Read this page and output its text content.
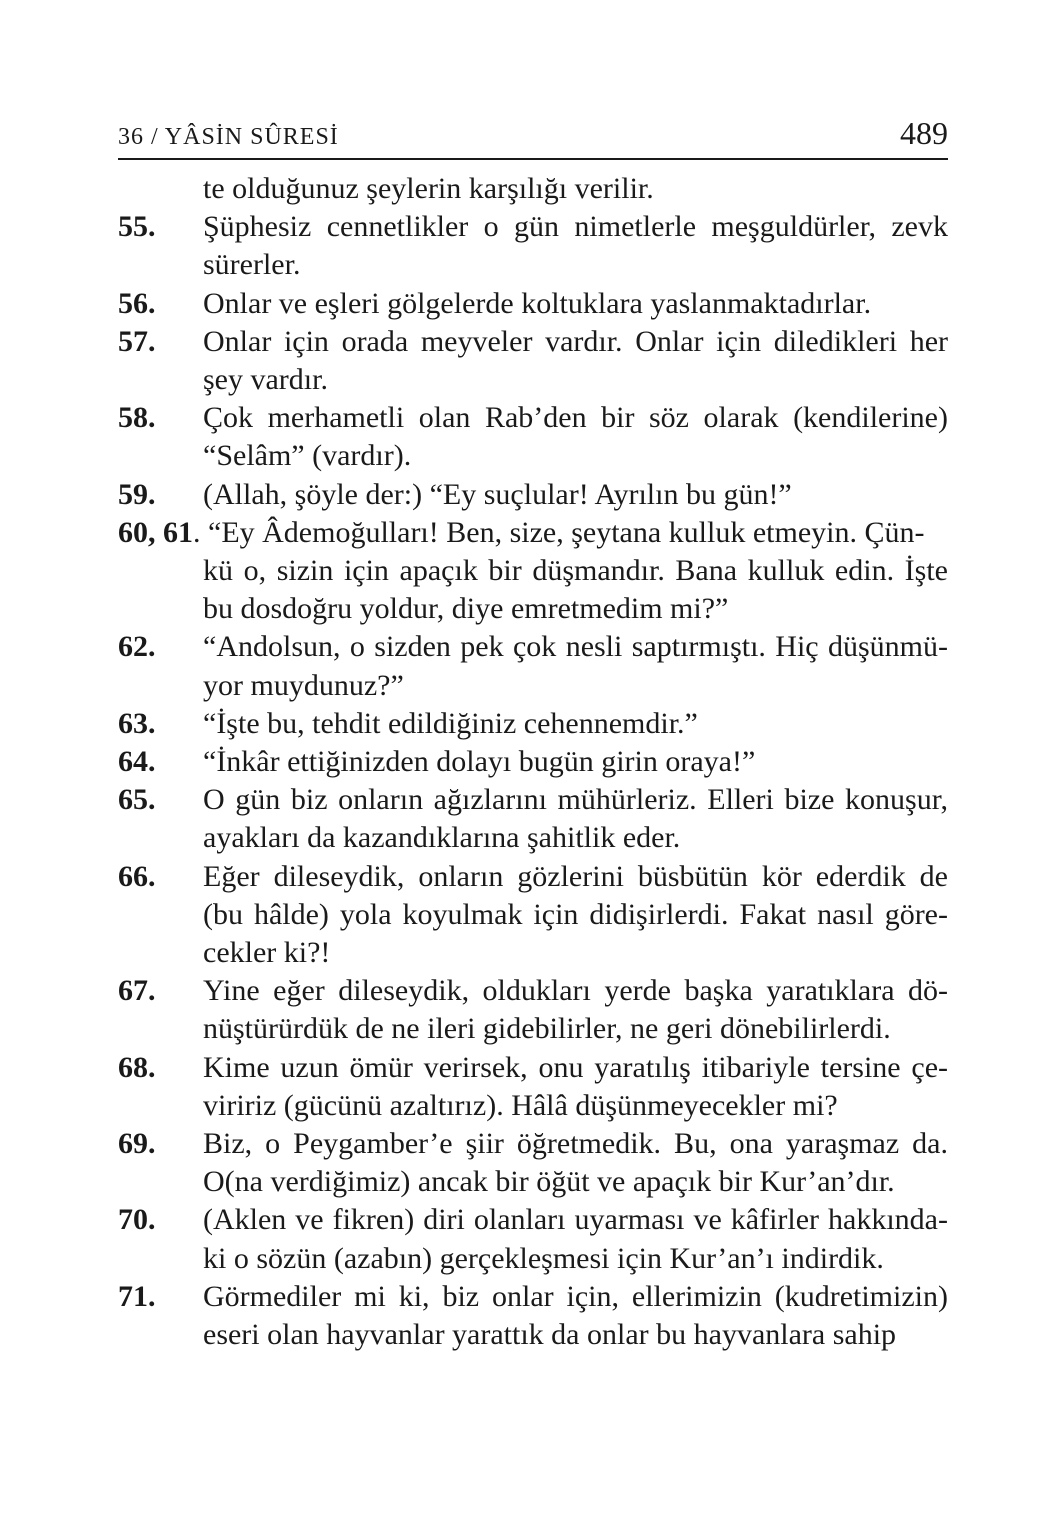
36 / YÂSİN SÛRESİ	489
te olduğunuz şeylerin karşılığı verilir.
55. Şüphesiz cennetlikler o gün nimetlerle meşguldürler, zevk sürerler.
56. Onlar ve eşleri gölgelerde koltuklara yaslanmaktadırlar.
57. Onlar için orada meyveler vardır. Onlar için diledikleri her şey vardır.
58. Çok merhametli olan Rab’den bir söz olarak (kendilerine) “Selâm” (vardır).
59. (Allah, şöyle der:) “Ey suçlular! Ayrılın bu gün!”
60, 61. “Ey Âdemoğulları! Ben, size, şeytana kulluk etmeyin. Çün-
kü o, sizin için apaçık bir düşmandır. Bana kulluk edin. İşte bu dosdoğru yoldur, diye emretmedim mi?”
62. “Andolsun, o sizden pek çok nesli saptırmıştı. Hiç düşünmü-yor muydunuz?”
63. “İşte bu, tehdit edildiğiniz cehennemdir.”
64. “İnkâr ettiğinizden dolayı bugün girin oraya!”
65. O gün biz onların ağızlarını mühürleriz. Elleri bize konuşur, ayakları da kazandıklarına şahitlik eder.
66. Eğer dileseydik, onların gözlerini büsbütün kör ederdik de (bu hâlde) yola koyulmak için didişirlerdi. Fakat nasıl göre-cekler ki?!
67. Yine eğer dileseydik, oldukları yerde başka yaratıklara dö-nüştürürdük de ne ileri gidebilirler, ne geri dönebilirlerdi.
68. Kime uzun ömür verirsek, onu yaratılış itibariyle tersine çe-viririz (gücünü azaltırız). Hâlâ düşünmeyecekler mi?
69. Biz, o Peygamber’e şiir öğretmedik. Bu, ona yaraşmaz da. O(na verdiğimiz) ancak bir öğüt ve apaçık bir Kur’an’dır.
70. (Aklen ve fikren) diri olanları uyarması ve kâfirler hakkında-ki o sözün (azabın) gerçekleşmesi için Kur’an’ı indirdik.
71. Görmediler mi ki, biz onlar için, ellerimizin (kudretimizin) eseri olan hayvanlar yarattık da onlar bu hayvanlara sahip
